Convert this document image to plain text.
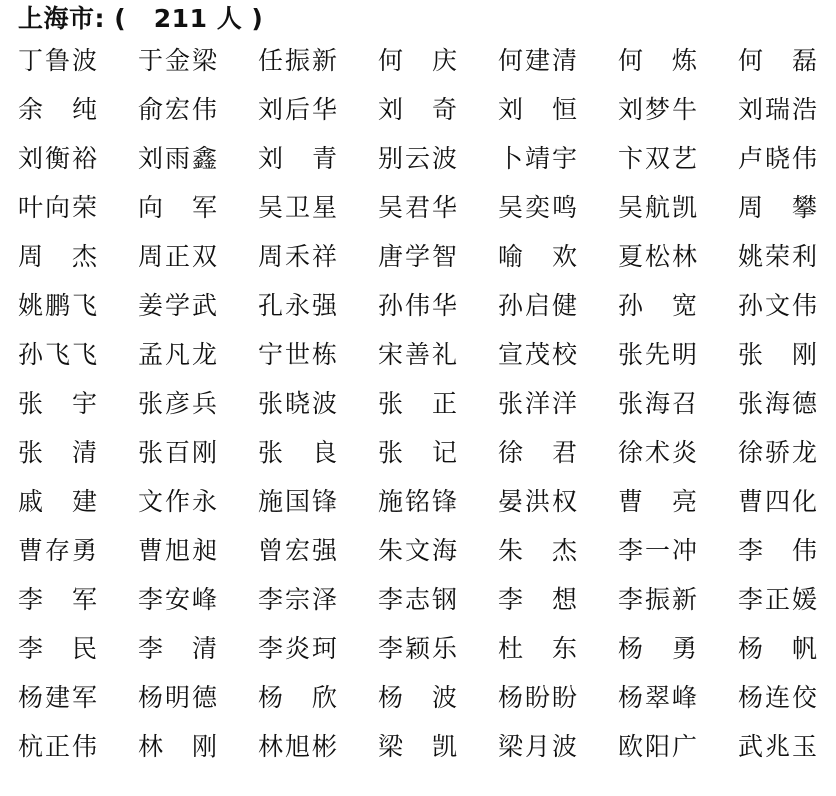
上海市: ( 211 人 )
丁 鲁 波 于 金 梁 任 振 新 何 庆 何 建 清 何 炼 何 磊
余 纯 俞 宏 伟 刘 后 华 刘 奇 刘 恒 刘 梦 牛 刘 瑞 浩
刘 衡 裕 刘 雨 鑫 刘 青 别 云 波 卜 靖 宇 卞 双 艺 卢 晓 伟
叶 向 荣 向 军 吴 卫 星 吴 君 华 吴 奕 鸣 吴 航 凯 周 攀
周 杰 周 正 双 周 禾 祥 唐 学 智 喻 欢 夏 松 林 姚 荣 利
姚 鹏 飞 姜 学 武 孔 永 强 孙 伟 华 孙 启 健 孙 宽 孙 文 伟
孙 飞 飞 孟 凡 龙 宁 世 栋 宋 善 礼 宣 茂 校 张 先 明 张 刚
张 宇 张 彦 兵 张 晓 波 张 正 张 洋 洋 张 海 召 张 海 德
张 清 张 百 刚 张 良 张 记 徐 君 徐 术 炎 徐 骄 龙
戚 建 文 作 永 施 国 锋 施 铭 锋 晏 洪 权 曹 亮 曹 四 化
曹 存 勇 曹 旭 昶 曾 宏 强 朱 文 海 朱 杰 李 一 冲 李 伟
李 军 李 安 峰 李 宗 泽 李 志 钢 李 想 李 振 新 李 正 媛
李 民 李 清 李 炎 珂 李 颖 乐 杜 东 杨 勇 杨 帆
杨 建 军 杨 明 德 杨 欣 杨 波 杨 盼 盼 杨 翠 峰 杨 连 佼
杭 正 伟 林 刚 林 旭 彬 梁 凯 梁 月 波 欧 阳 广 武 兆 玉
